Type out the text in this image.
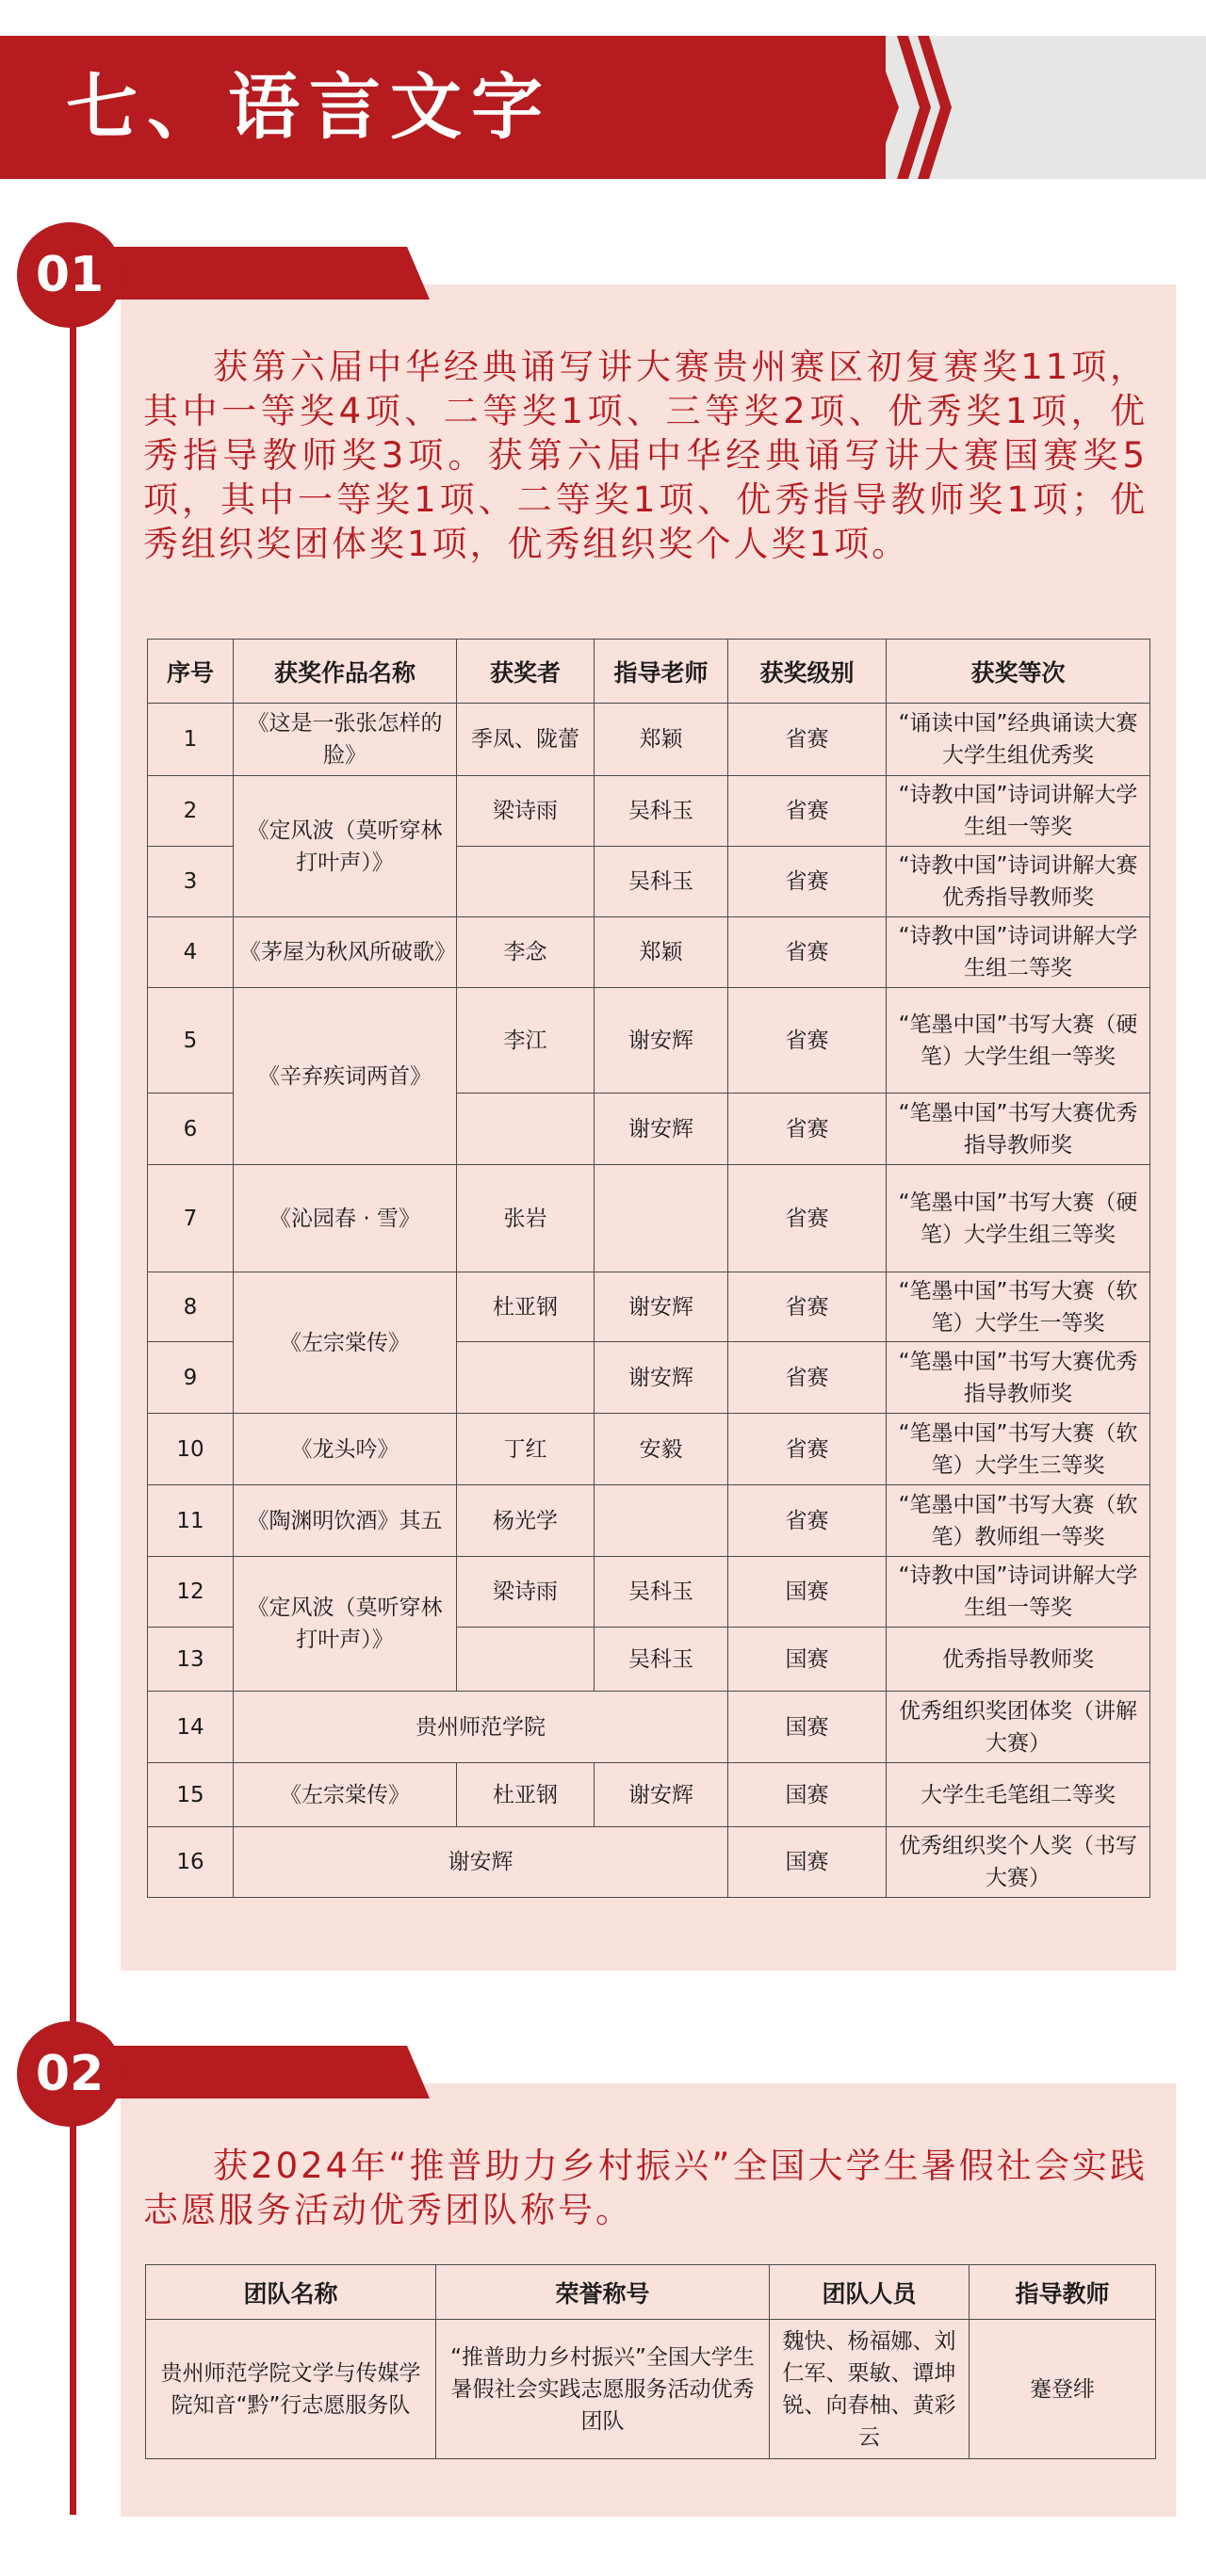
七、语言文字
01

获第六届中华经典诵写讲大赛贵州赛区初复赛奖11项，其中一等奖4项、二等奖1项、三等奖2项、优秀奖1项，优秀指导教师奖3项。获第六届中华经典诵写讲大赛国赛奖5项，其中一等奖1项、二等奖1项、优秀指导教师奖1项；优秀组织奖团体奖1项，优秀组织奖个人奖1项。

序号	获奖作品名称	获奖者	指导老师	获奖级别	获奖等次
1	《这是一张张怎样的脸》	季凤、陇蕾	郑颖	省赛	“诵读中国”经典诵读大赛大学生组优秀奖
2	《定风波（莫听穿林打叶声）》	梁诗雨	吴科玉	省赛	“诗教中国”诗词讲解大学生组一等奖
3			吴科玉	省赛	“诗教中国”诗词讲解大赛优秀指导教师奖
4	《茅屋为秋风所破歌》	李念	郑颖	省赛	“诗教中国”诗词讲解大学生组二等奖
5	《辛弃疾词两首》	李江	谢安辉	省赛	“笔墨中国”书写大赛（硬笔）大学生组一等奖
6			谢安辉	省赛	“笔墨中国”书写大赛优秀指导教师奖
7	《沁园春 · 雪》	张岩		省赛	“笔墨中国”书写大赛（硬笔）大学生组三等奖
8	《左宗棠传》	杜亚钢	谢安辉	省赛	“笔墨中国”书写大赛（软笔）大学生一等奖
9			谢安辉	省赛	“笔墨中国”书写大赛优秀指导教师奖
10	《龙头吟》	丁红	安毅	省赛	“笔墨中国”书写大赛（软笔）大学生三等奖
11	《陶渊明饮酒》其五	杨光学		省赛	“笔墨中国”书写大赛（软笔）教师组一等奖
12	《定风波（莫听穿林打叶声）》	梁诗雨	吴科玉	国赛	“诗教中国”诗词讲解大学生组一等奖
13			吴科玉	国赛	优秀指导教师奖
14	贵州师范学院			国赛	优秀组织奖团体奖（讲解大赛）
15	《左宗棠传》	杜亚钢	谢安辉	国赛	大学生毛笔组二等奖
16	谢安辉			国赛	优秀组织奖个人奖（书写大赛）
02

获2024年“推普助力乡村振兴”全国大学生暑假社会实践志愿服务活动优秀团队称号。

团队名称	荣誉称号	团队人员	指导教师
贵州师范学院文学与传媒学院知音“黔”行志愿服务队	“推普助力乡村振兴”全国大学生暑假社会实践志愿服务活动优秀团队	魏快、杨福娜、刘仁军、栗敏、谭坤锐、向春柚、黄彩云	蹇登绯
